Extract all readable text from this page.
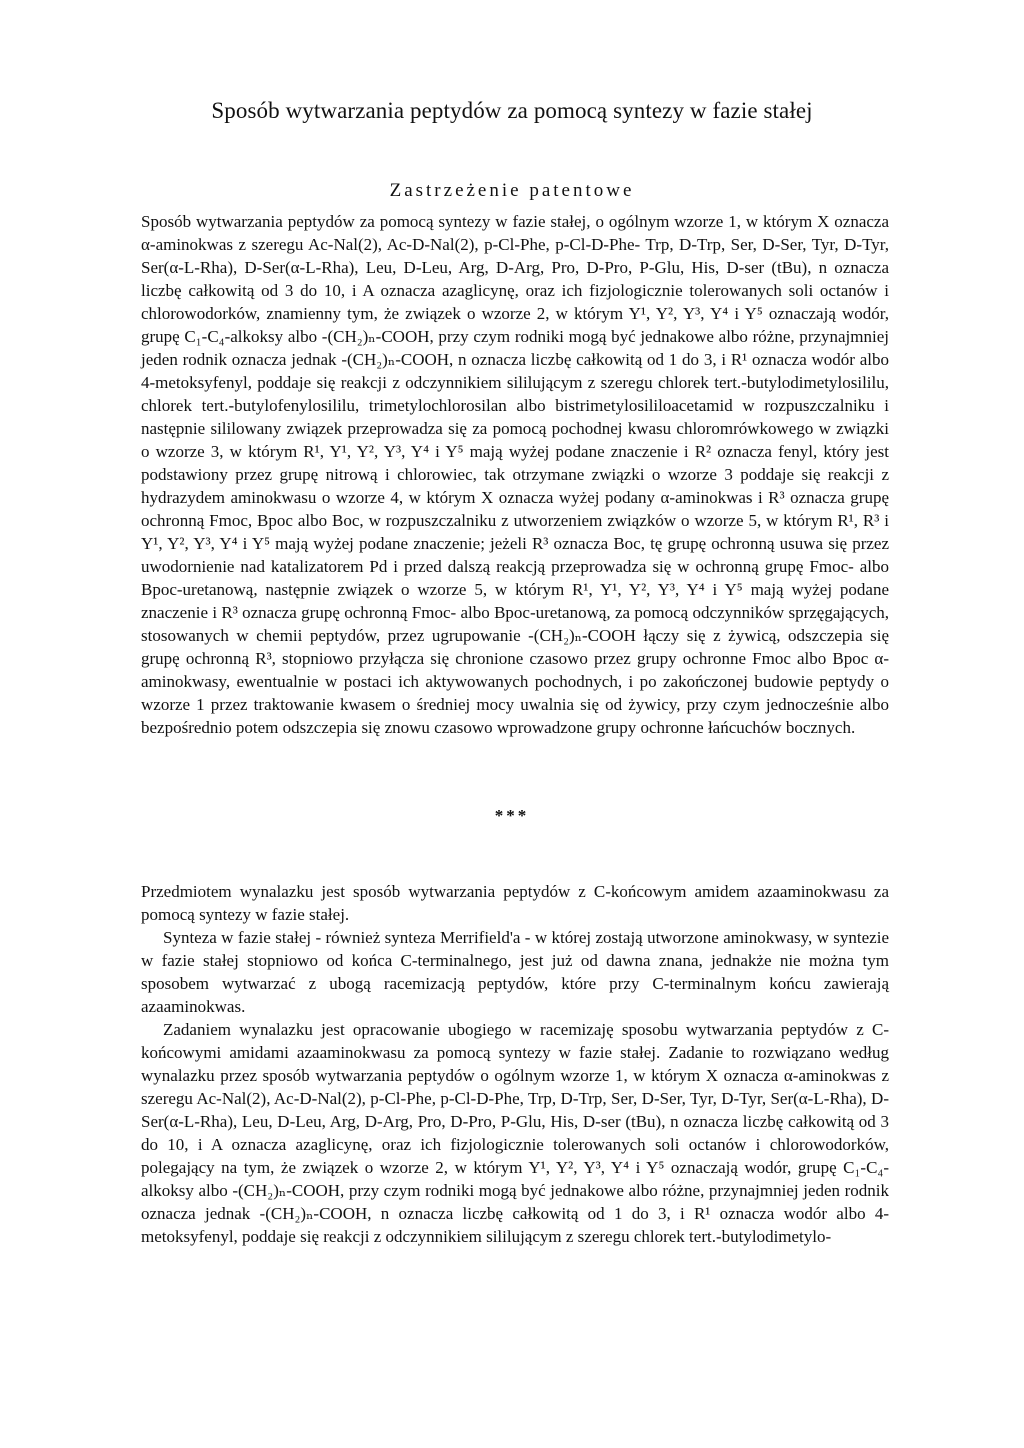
Sposób wytwarzania peptydów za pomocą syntezy w fazie stałej
Zastrzeżenie patentowe

Sposób wytwarzania peptydów za pomocą syntezy w fazie stałej, o ogólnym wzorze 1, w którym X oznacza α-aminokwas z szeregu Ac-Nal(2), Ac-D-Nal(2), p-Cl-Phe, p-Cl-D-Phe- Trp, D-Trp, Ser, D-Ser, Tyr, D-Tyr, Ser(α-L-Rha), D-Ser(α-L-Rha), Leu, D-Leu, Arg, D-Arg, Pro, D-Pro, P-Glu, His, D-ser (tBu), n oznacza liczbę całkowitą od 3 do 10, i A oznacza azaglicynę, oraz ich fizjologicznie tolerowanych soli octanów i chlorowodorków, znamienny tym, że związek o wzorze 2, w którym Y¹, Y², Y³, Y⁴ i Y⁵ oznaczają wodór, grupę C₁-C₄-alkoksy albo -(CH₂)ₙ-COOH, przy czym rodniki mogą być jednakowe albo różne, przynajmniej jeden rodnik oznacza jednak -(CH₂)ₙ-COOH, n oznacza liczbę całkowitą od 1 do 3, i R¹ oznacza wodór albo 4-metoksyfenyl, poddaje się reakcji z odczynnikiem sililującym z szeregu chlorek tert.-butylodimetylosililu, chlorek tert.-butylofenylosililu, trimetylochlorosilan albo bistrimetylosililoacetamid w rozpuszczalniku i następnie sililowany związek przeprowadza się za pomocą pochodnej kwasu chloromrówkowego w związki o wzorze 3, w którym R¹, Y¹, Y², Y³, Y⁴ i Y⁵ mają wyżej podane znaczenie i R² oznacza fenyl, który jest podstawiony przez grupę nitrową i chlorowiec, tak otrzymane związki o wzorze 3 poddaje się reakcji z hydrazydem aminokwasu o wzorze 4, w którym X oznacza wyżej podany α-aminokwas i R³ oznacza grupę ochronną Fmoc, Bpoc albo Boc, w rozpuszczalniku z utworzeniem związków o wzorze 5, w którym R¹, R³ i Y¹, Y², Y³, Y⁴ i Y⁵ mają wyżej podane znaczenie; jeżeli R³ oznacza Boc, tę grupę ochronną usuwa się przez uwodornienie nad katalizatorem Pd i przed dalszą reakcją przeprowadza się w ochronną grupę Fmoc- albo Bpoc-uretanową, następnie związek o wzorze 5, w którym R¹, Y¹, Y², Y³, Y⁴ i Y⁵ mają wyżej podane znaczenie i R³ oznacza grupę ochronną Fmoc- albo Bpoc-uretanową, za pomocą odczynników sprzęgających, stosowanych w chemii peptydów, przez ugrupowanie -(CH₂)ₙ-COOH łączy się z żywicą, odszczepia się grupę ochronną R³, stopniowo przyłącza się chronione czasowo przez grupy ochronne Fmoc albo Bpoc α-aminokwasy, ewentualnie w postaci ich aktywowanych pochodnych, i po zakończonej budowie peptydy o wzorze 1 przez traktowanie kwasem o średniej mocy uwalnia się od żywicy, przy czym jednocześnie albo bezpośrednio potem odszczepia się znowu czasowo wprowadzone grupy ochronne łańcuchów bocznych.

***

Przedmiotem wynalazku jest sposób wytwarzania peptydów z C-końcowym amidem azaaminokwasu za pomocą syntezy w fazie stałej.

Synteza w fazie stałej - również synteza Merrifield'a - w której zostają utworzone aminokwasy, w syntezie w fazie stałej stopniowo od końca C-terminalnego, jest już od dawna znana, jednakże nie można tym sposobem wytwarzać z ubogą racemizacją peptydów, które przy C-terminalnym końcu zawierają azaaminokwas.

Zadaniem wynalazku jest opracowanie ubogiego w racemizaję sposobu wytwarzania peptydów z C-końcowymi amidami azaaminokwasu za pomocą syntezy w fazie stałej. Zadanie to rozwiązano według wynalazku przez sposób wytwarzania peptydów o ogólnym wzorze 1, w którym X oznacza α-aminokwas z szeregu Ac-Nal(2), Ac-D-Nal(2), p-Cl-Phe, p-Cl-D-Phe, Trp, D-Trp, Ser, D-Ser, Tyr, D-Tyr, Ser(α-L-Rha), D-Ser(α-L-Rha), Leu, D-Leu, Arg, D-Arg, Pro, D-Pro, P-Glu, His, D-ser (tBu), n oznacza liczbę całkowitą od 3 do 10, i A oznacza azaglicynę, oraz ich fizjologicznie tolerowanych soli octanów i chlorowodorków, polegający na tym, że związek o wzorze 2, w którym Y¹, Y², Y³, Y⁴ i Y⁵ oznaczają wodór, grupę C₁-C₄-alkoksy albo -(CH₂)ₙ-COOH, przy czym rodniki mogą być jednakowe albo różne, przynajmniej jeden rodnik oznacza jednak -(CH₂)ₙ-COOH, n oznacza liczbę całkowitą od 1 do 3, i R¹ oznacza wodór albo 4-metoksyfenyl, poddaje się reakcji z odczynnikiem sililującym z szeregu chlorek tert.-butylodimetylo-
